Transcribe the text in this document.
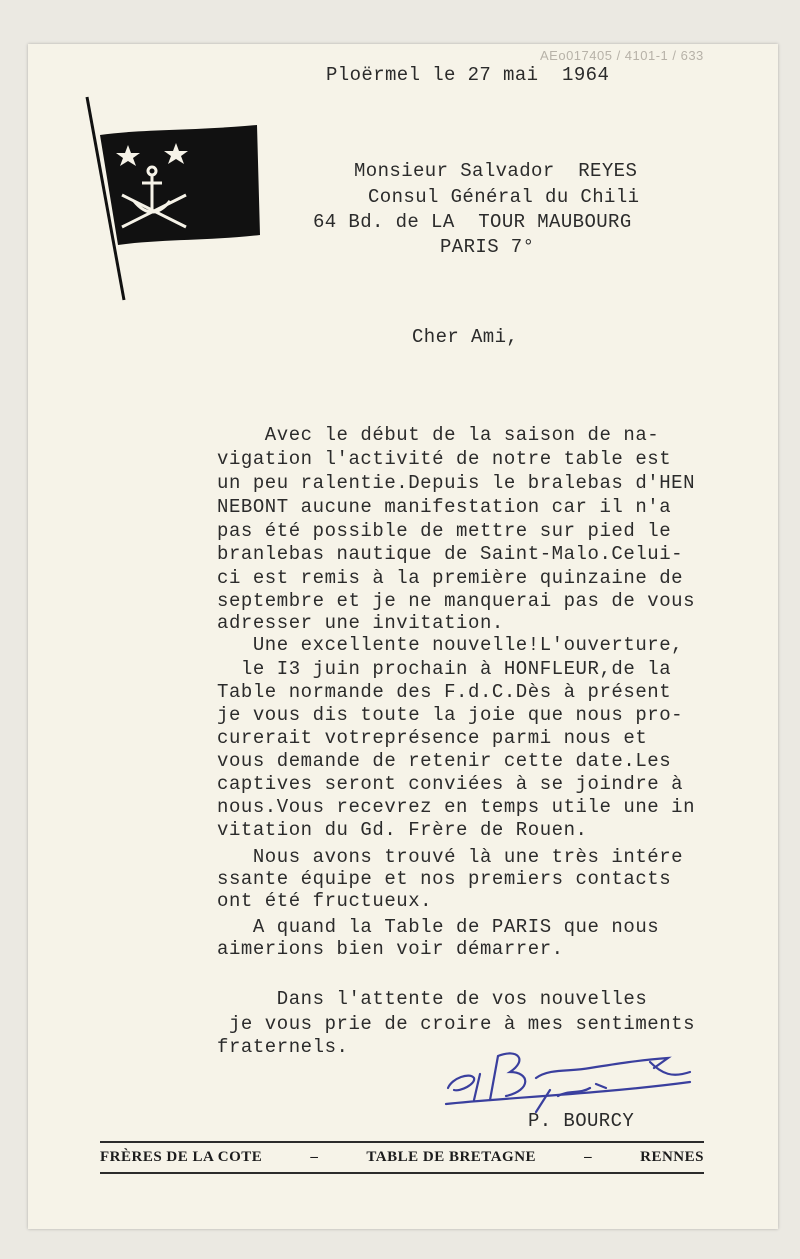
AEo017405 / 4101-1 / 633
Ploërmel le 27 mai  1964
Monsieur Salvador  REYES
Consul Général du Chili
64 Bd. de LA  TOUR MAUBOURG
PARIS 7°
Cher Ami,
Avec le début de la saison de na-
vigation l'activité de notre table est
un peu ralentie.Depuis le bralebas d'HEN
NEBONT aucune manifestation car il n'a
pas été possible de mettre sur pied le
branlebas nautique de Saint-Malo.Celui-
ci est remis à la première quinzaine de
septembre et je ne manquerai pas de vous
adresser une invitation.
Une excellente nouvelle!L'ouverture,
le I3 juin prochain à HONFLEUR,de la
Table normande des F.d.C.Dès à présent
je vous dis toute la joie que nous pro-
curerait votreprésence parmi nous et
vous demande de retenir cette date.Les
captives seront conviées à se joindre à
nous.Vous recevrez en temps utile une in
vitation du Gd. Frère de Rouen.
Nous avons trouvé là une très intére
ssante équipe et nos premiers contacts
ont été fructueux.
A quand la Table de PARIS que nous
aimerions bien voir démarrer.
Dans l'attente de vos nouvelles
je vous prie de croire à mes sentiments
fraternels.
P. BOURCY
FRÈRES DE LA COTE	–	TABLE DE BRETAGNE	–	RENNES
